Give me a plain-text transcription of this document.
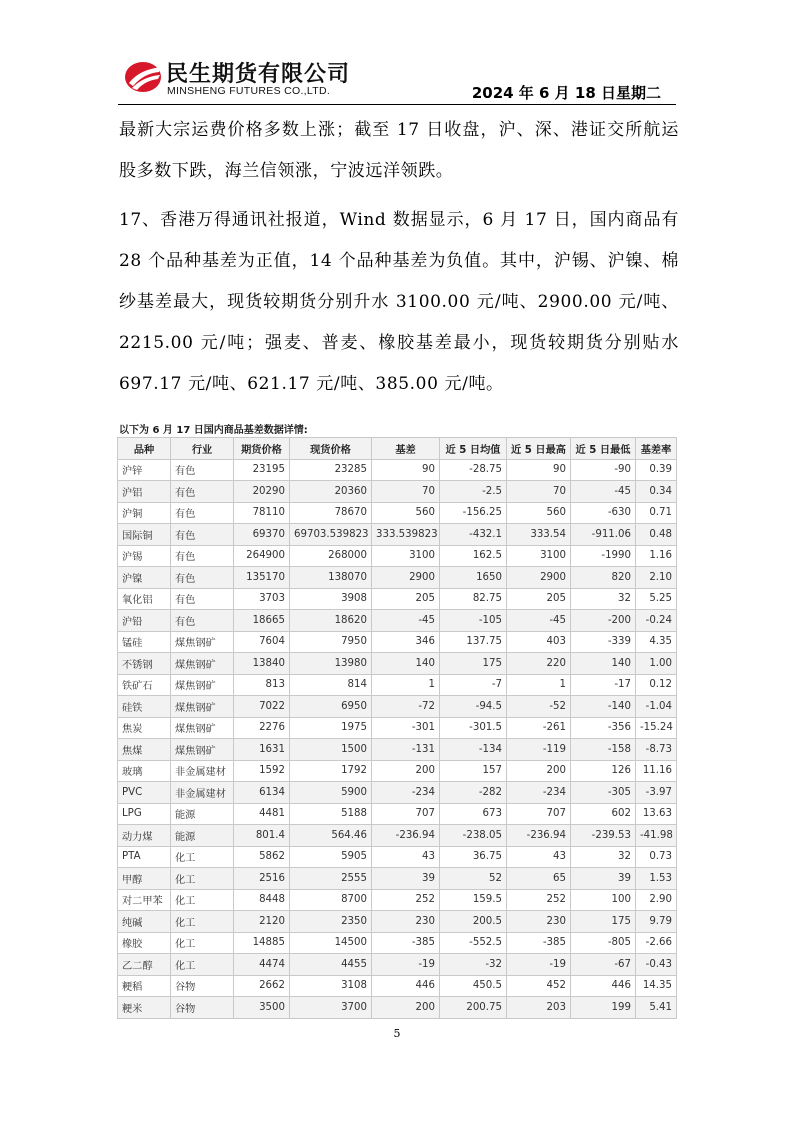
民生期货有限公司
MINSHENG FUTURES CO.,LTD.	2024 年 6 月 18 日星期二
最新大宗运费价格多数上涨；截至 17 日收盘，沪、深、港证交所航运股多数下跌，海兰信领涨，宁波远洋领跌。
17、香港万得通讯社报道，Wind 数据显示，6 月 17 日，国内商品有 28 个品种基差为正值，14 个品种基差为负值。其中，沪锡、沪镍、棉纱基差最大，现货较期货分别升水 3100.00 元/吨、2900.00 元/吨、2215.00 元/吨；强麦、普麦、橡胶基差最小，现货较期货分别贴水 697.17 元/吨、621.17 元/吨、385.00 元/吨。
以下为 6 月 17 日国内商品基差数据详情:
品种	行业	期货价格	现货价格	基差	近 5 日均值	近 5 日最高	近 5 日最低	基差率
沪锌	有色	23195	23285	90	-28.75	90	-90	0.39
沪铝	有色	20290	20360	70	-2.5	70	-45	0.34
沪铜	有色	78110	78670	560	-156.25	560	-630	0.71
国际铜	有色	69370	69703.539823	333.539823	-432.1	333.54	-911.06	0.48
沪锡	有色	264900	268000	3100	162.5	3100	-1990	1.16
沪镍	有色	135170	138070	2900	1650	2900	820	2.10
氧化铝	有色	3703	3908	205	82.75	205	32	5.25
沪铅	有色	18665	18620	-45	-105	-45	-200	-0.24
锰硅	煤焦钢矿	7604	7950	346	137.75	403	-339	4.35
不锈钢	煤焦钢矿	13840	13980	140	175	220	140	1.00
铁矿石	煤焦钢矿	813	814	1	-7	1	-17	0.12
硅铁	煤焦钢矿	7022	6950	-72	-94.5	-52	-140	-1.04
焦炭	煤焦钢矿	2276	1975	-301	-301.5	-261	-356	-15.24
焦煤	煤焦钢矿	1631	1500	-131	-134	-119	-158	-8.73
玻璃	非金属建材	1592	1792	200	157	200	126	11.16
PVC	非金属建材	6134	5900	-234	-282	-234	-305	-3.97
LPG	能源	4481	5188	707	673	707	602	13.63
动力煤	能源	801.4	564.46	-236.94	-238.05	-236.94	-239.53	-41.98
PTA	化工	5862	5905	43	36.75	43	32	0.73
甲醇	化工	2516	2555	39	52	65	39	1.53
对二甲苯	化工	8448	8700	252	159.5	252	100	2.90
纯碱	化工	2120	2350	230	200.5	230	175	9.79
橡胶	化工	14885	14500	-385	-552.5	-385	-805	-2.66
乙二醇	化工	4474	4455	-19	-32	-19	-67	-0.43
粳稻	谷物	2662	3108	446	450.5	452	446	14.35
粳米	谷物	3500	3700	200	200.75	203	199	5.41
5
